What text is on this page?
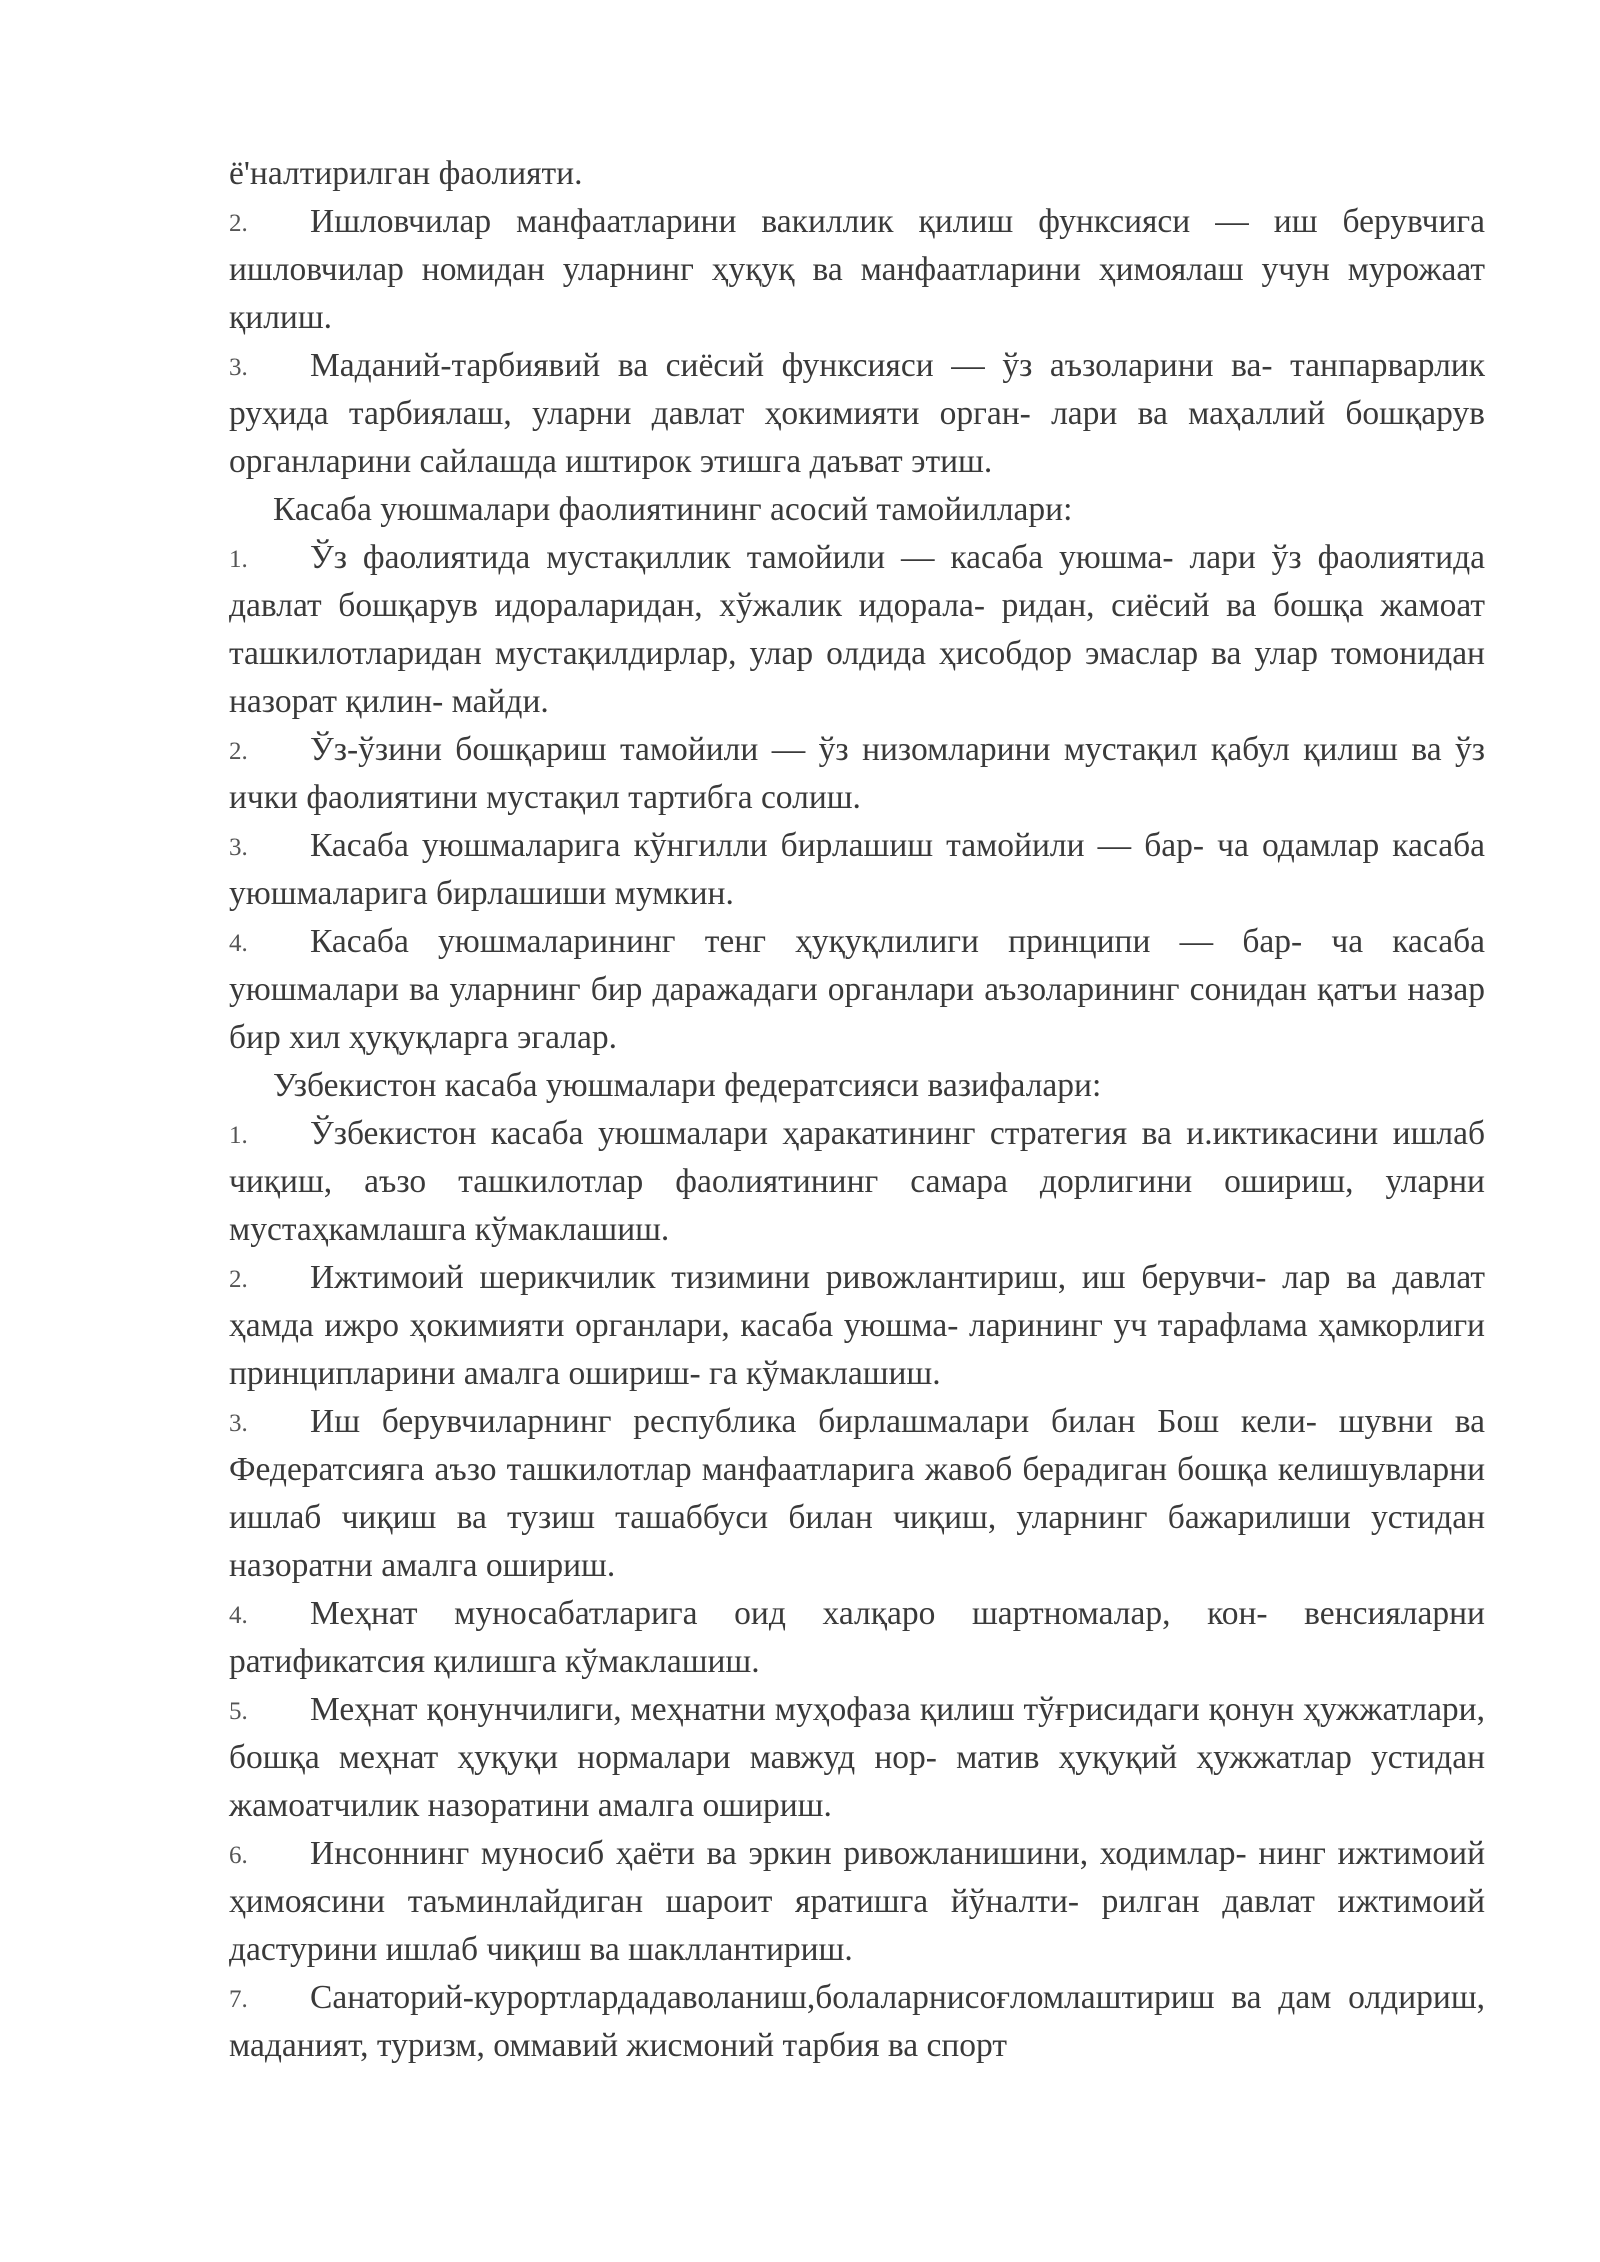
ё'налтирилган фаолияти.

2. Ишловчилар манфаатларини вакиллик қилиш функсияси — иш берувчига ишловчилар номидан уларнинг ҳуқуқ ва манфаатларини ҳимоялаш учун мурожаат қилиш.

3. Маданий-тарбиявий ва сиёсий функсияси — ўз аъзоларини ва- танпарварлик руҳида тарбиялаш, уларни давлат ҳокимияти орган- лари ва маҳаллий бошқарув органларини сайлашда иштирок этишга даъват этиш.

Касаба уюшмалари фаолиятининг асосий тамойиллари:

1. Ўз фаолиятида мустақиллик тамойили — касаба уюшма- лари ўз фаолиятида давлат бошқарув идораларидан, хўжалик идорала- ридан, сиёсий ва бошқа жамоат ташкилотларидан мустақилдирлар, улар олдида ҳисобдор эмаслар ва улар томонидан назорат қилин- майди.

2. Ўз-ўзини бошқариш тамойили — ўз низомларини мустақил қабул қилиш ва ўз ички фаолиятини мустақил тартибга солиш.

3. Касаба уюшмаларига кўнгилли бирлашиш тамойили — бар- ча одамлар касаба уюшмаларига бирлашиши мумкин.

4. Касаба уюшмаларининг тенг ҳуқуқлилиги принципи — бар- ча касаба уюшмалари ва уларнинг бир даражадаги органлари аъзоларининг сонидан қатъи назар бир хил ҳуқуқларга эгалар.

Узбекистон касаба уюшмалари федератсияси вазифалари:

1. Ўзбекистон касаба уюшмалари ҳаракатининг стратегия ва и.иктикасини ишлаб чиқиш, аъзо ташкилотлар фаолиятининг самара дорлигини ошириш, уларни мустаҳкамлашга кўмаклашиш.

2. Ижтимоий шерикчилик тизимини ривожлантириш, иш берувчи- лар ва давлат ҳамда ижро ҳокимияти органлари, касаба уюшма- ларининг уч тарафлама ҳамкорлиги принципларини амалга ошириш- га кўмаклашиш.

3. Иш берувчиларнинг республика бирлашмалари билан Бош кели- шувни ва Федератсияга аъзо ташкилотлар манфаатларига жавоб берадиган бошқа келишувларни ишлаб чиқиш ва тузиш ташаббуси билан чиқиш, уларнинг бажарилиши устидан назоратни амалга ошириш.

4. Меҳнат муносабатларига оид халқаро шартномалар, кон- венсияларни ратификатсия қилишга кўмаклашиш.

5. Меҳнат қонунчилиги, меҳнатни муҳофаза қилиш тўғрисидаги қонун ҳужжатлари, бошқа меҳнат ҳуқуқи нормалари мавжуд нор- матив ҳуқуқий ҳужжатлар устидан жамоатчилик назоратини амалга ошириш.

6. Инсоннинг муносиб ҳаёти ва эркин ривожланишини, ходимлар- нинг ижтимоий ҳимоясини таъминлайдиган шароит яратишга йўналти- рилган давлат ижтимоий дастурини ишлаб чиқиш ва шакллантириш.

7. Санаторий-курортлардадаволаниш,болаларнисоғломлаштириш ва дам олдириш, маданият, туризм, оммавий жисмоний тарбия ва спорт
